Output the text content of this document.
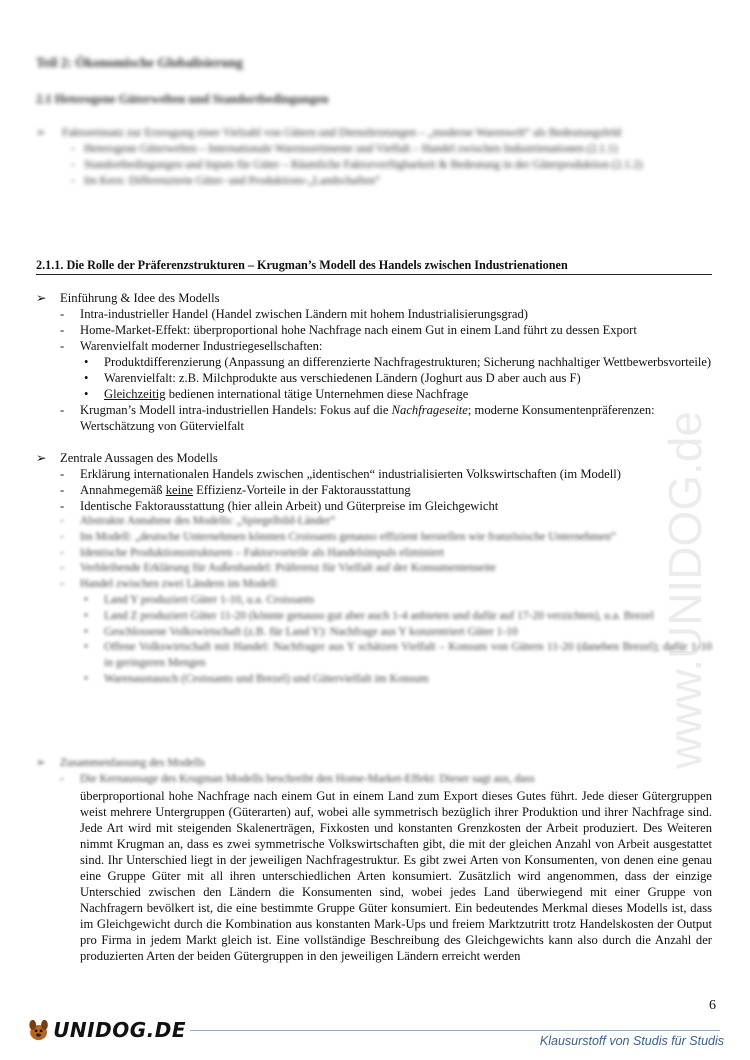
www.UNIDOG.de
Teil 2: Ökonomische Globalisierung
2.1 Heterogene Güterwelten und Standortbedingungen
➢	Faktoreinsatz zur Erzeugung einer Vielzahl von Gütern und Dienstleistungen – „moderne Warenwelt“ als Bedeutungsfeld
- Heterogene Güterwelten – Internationale Warensortimente und Vielfalt – Handel zwischen Industrienationen (2.1.1)
- Standortbedingungen und Inputs für Güter – Räumliche Faktorverfügbarkeit & Bedeutung in der Güterproduktion (2.1.2)
- Im Kern: Differenzierte Güter- und Produktions-„Landschaften“
2.1.1. Die Rolle der Präferenzstrukturen – Krugman’s Modell des Handels zwischen Industrienationen
➢	Einführung & Idee des Modells
-	Intra-industrieller Handel (Handel zwischen Ländern mit hohem Industrialisierungsgrad)
-	Home-Market-Effekt: überproportional hohe Nachfrage nach einem Gut in einem Land führt zu dessen Export
-	Warenvielfalt moderner Industriegesellschaften:
•	Produktdifferenzierung (Anpassung an differenzierte Nachfragestrukturen; Sicherung nachhaltiger Wettbewerbsvorteile)
•	Warenvielfalt: z.B. Milchprodukte aus verschiedenen Ländern (Joghurt aus D aber auch aus F)
•	Gleichzeitig bedienen international tätige Unternehmen diese Nachfrage
-	Krugman’s Modell intra-industriellen Handels: Fokus auf die Nachfrageseite; moderne Konsumentenpräferenzen: Wertschätzung von Gütervielfalt
➢	Zentrale Aussagen des Modells
-	Erklärung internationalen Handels zwischen „identischen“ industrialisierten Volkswirtschaften (im Modell)
-	Annahmegemäß keine Effizienz-Vorteile in der Faktorausstattung
-	Identische Faktorausstattung (hier allein Arbeit) und Güterpreise im Gleichgewicht
-	Abstrakte Annahme des Modells: „Spiegelbild-Länder“
-	Im Modell: „deutsche Unternehmen könnten Croissants genauso effizient herstellen wie französische Unternehmen“
-	Identische Produktionsstrukturen – Faktorvorteile als Handelsimpuls eliminiert
-	Verbleibende Erklärung für Außenhandel: Präferenz für Vielfalt auf der Konsumentenseite
-	Handel zwischen zwei Ländern im Modell:
•	Land Y produziert Güter 1-10, u.a. Croissants
•	Land Z produziert Güter 11-20 (könnte genauso gut aber auch 1-4 anbieten und dafür auf 17-20 verzichten), u.a. Brezel
•	Geschlossene Volkswirtschaft (z.B. für Land Y): Nachfrage aus Y konzentriert Güter 1-10
•	Offene Volkswirtschaft mit Handel: Nachfrager aus Y schätzen Vielfalt – Konsum von Gütern 11-20 (daneben Brezel); dafür 1-10 in geringeren Mengen
•	Warenaustausch (Croissants und Brezel) und Gütervielfalt im Konsum
➢	Zusammenfassung des Modells
-	Die Kernaussage des Krugman Modells beschreibt den Home-Market-Effekt: Dieser sagt aus, dass
überproportional hohe Nachfrage nach einem Gut in einem Land zum Export dieses Gutes führt. Jede dieser Gütergruppen weist mehrere Untergruppen (Güterarten) auf, wobei alle symmetrisch bezüglich ihrer Produktion und ihrer Nachfrage sind. Jede Art wird mit steigenden Skalenerträgen, Fixkosten und konstanten Grenzkosten der Arbeit produziert. Des Weiteren nimmt Krugman an, dass es zwei symmetrische Volkswirtschaften gibt, die mit der gleichen Anzahl von Arbeit ausgestattet sind. Ihr Unterschied liegt in der jeweiligen Nachfragestruktur. Es gibt zwei Arten von Konsumenten, von denen eine genau eine Gruppe Güter mit all ihren unterschiedlichen Arten konsumiert. Zusätzlich wird angenommen, dass der einzige Unterschied zwischen den Ländern die Konsumenten sind, wobei jedes Land überwiegend mit einer Gruppe von Nachfragern bevölkert ist, die eine bestimmte Gruppe Güter konsumiert. Ein bedeutendes Merkmal dieses Modells ist, dass im Gleichgewicht durch die Kombination aus konstanten Mark-Ups und freiem Marktzutritt trotz Handelskosten der Output pro Firma in jedem Markt gleich ist. Eine vollständige Beschreibung des Gleichgewichts kann also durch die Anzahl der produzierten Arten der beiden Gütergruppen in den jeweiligen Ländern erreicht werden
6
UNIDOG.DE	Klausurstoff von Studis für Studis
